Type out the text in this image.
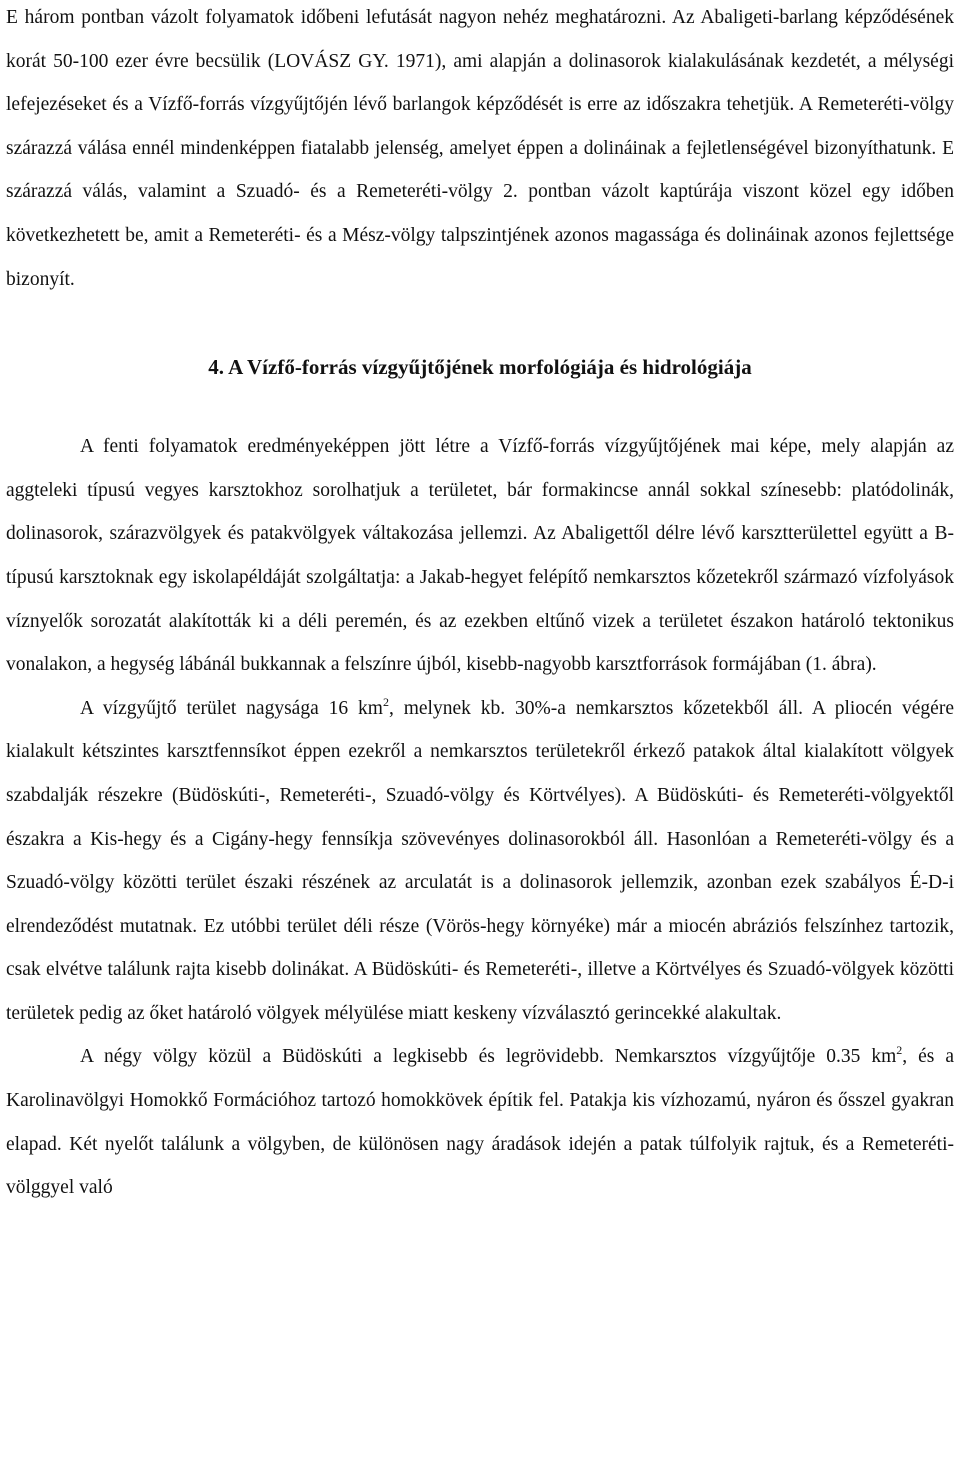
E három pontban vázolt folyamatok időbeni lefutását nagyon nehéz meghatározni. Az Abaligeti-barlang képződésének korát 50-100 ezer évre becsülik (LOVÁSZ GY. 1971), ami alapján a dolinasorok kialakulásának kezdetét, a mélységi lefejezéseket és a Vízfő-forrás vízgyűjtőjén lévő barlangok képződését is erre az időszakra tehetjük. A Remeteréti-völgy szárazzá válása ennél mindenképpen fiatalabb jelenség, amelyet éppen a dolináinak a fejletlenségével bizonyíthatunk. E szárazzá válás, valamint a Szuadó- és a Remeteréti-völgy 2. pontban vázolt kaptúrája viszont közel egy időben következhetett be, amit a Remeteréti- és a Mész-völgy talpszintjének azonos magassága és dolináinak azonos fejlettsége bizonyít.

4. A Vízfő-forrás vízgyűjtőjének morfológiája és hidrológiája

A fenti folyamatok eredményeképpen jött létre a Vízfő-forrás vízgyűjtőjének mai képe, mely alapján az aggteleki típusú vegyes karsztokhoz sorolhatjuk a területet, bár formakincse annál sokkal színesebb: platódolinák, dolinasorok, szárazvölgyek és patakvölgyek váltakozása jellemzi. Az Abaligettől délre lévő karsztterülettel együtt a B-típusú karsztoknak egy iskolapéldáját szolgáltatja: a Jakab-hegyet felépítő nemkarsztos kőzetekről származó vízfolyások víznyelők sorozatát alakították ki a déli peremén, és az ezekben eltűnő vizek a területet északon határoló tektonikus vonalakon, a hegység lábánál bukkannak a felszínre újból, kisebb-nagyobb karsztforrások formájában (1. ábra).

A vízgyűjtő terület nagysága 16 $km^2$, melynek kb. 30%-a nemkarsztos kőzetekből áll. A pliocén végére kialakult kétszintes karsztfennsíkot éppen ezekről a nemkarsztos területekről érkező patakok által kialakított völgyek szabdalják részekre (Büdöskúti-, Remeteréti-, Szuadó-völgy és Körtvélyes). A Büdöskúti- és Remeteréti-völgyektől északra a Kis-hegy és a Cigány-hegy fennsíkja szövevényes dolinasorokból áll. Hasonlóan a Remeteréti-völgy és a Szuadó-völgy közötti terület északi részének az arculatát is a dolinasorok jellemzik, azonban ezek szabályos É-D-i elrendeződést mutatnak. Ez utóbbi terület déli része (Vörös-hegy környéke) már a miocén abráziós felszínhez tartozik, csak elvétve találunk rajta kisebb dolinákat. A Büdöskúti- és Remeteréti-, illetve a Körtvélyes és Szuadó-völgyek közötti területek pedig az őket határoló völgyek mélyülése miatt keskeny vízválasztó gerincekké alakultak.

A négy völgy közül a Büdöskúti a legkisebb és legrövidebb. Nemkarsztos vízgyűjtője 0.35 $km^2$, és a Karolinavölgyi Homokkő Formációhoz tartozó homokkövek építik fel. Patakja kis vízhozamú, nyáron és ősszel gyakran elapad. Két nyelőt találunk a völgyben, de különösen nagy áradások idején a patak túlfolyik rajtuk, és a Remeteréti-völggyel való
